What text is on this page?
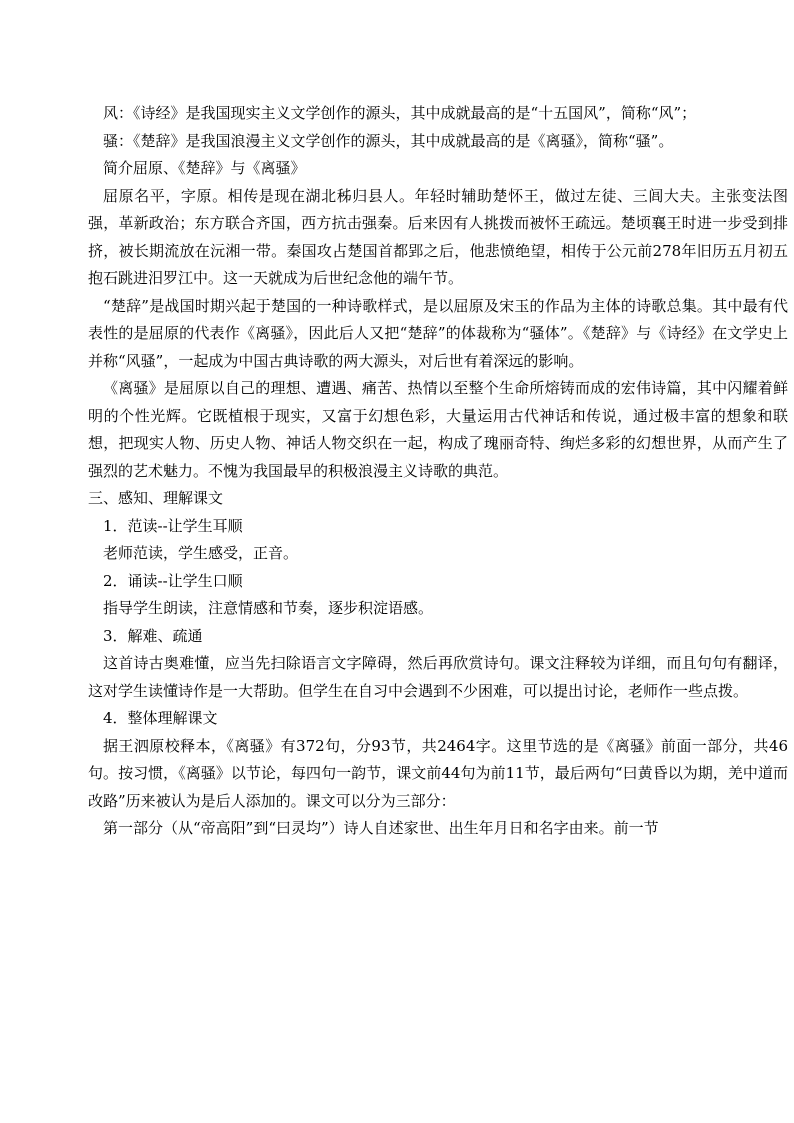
风：《诗经》是我国现实主义文学创作的源头，其中成就最高的是“十五国风”，简称“风”；

骚：《楚辞》是我国浪漫主义文学创作的源头，其中成就最高的是《离骚》，简称“骚”。

简介屈原、《楚辞》与《离骚》

屈原名平，字原。相传是现在湖北秭归县人。年轻时辅助楚怀王，做过左徒、三闾大夫。主张变法图强，革新政治；东方联合齐国，西方抗击强秦。后来因有人挑拨而被怀王疏远。楚顷襄王时进一步受到排挤，被长期流放在沅湘一带。秦国攻占楚国首都郢之后，他悲愤绝望，相传于公元前278年旧历五月初五抱石跳进汨罗江中。这一天就成为后世纪念他的端午节。

“楚辞”是战国时期兴起于楚国的一种诗歌样式，是以屈原及宋玉的作品为主体的诗歌总集。其中最有代表性的是屈原的代表作《离骚》，因此后人又把“楚辞”的体裁称为“骚体”。《楚辞》与《诗经》在文学史上并称“风骚”，一起成为中国古典诗歌的两大源头，对后世有着深远的影响。

《离骚》是屈原以自己的理想、遭遇、痛苦、热情以至整个生命所熔铸而成的宏伟诗篇，其中闪耀着鲜明的个性光辉。它既植根于现实，又富于幻想色彩，大量运用古代神话和传说，通过极丰富的想象和联想，把现实人物、历史人物、神话人物交织在一起，构成了瑰丽奇特、绚烂多彩的幻想世界，从而产生了强烈的艺术魅力。不愧为我国最早的积极浪漫主义诗歌的典范。

三、感知、理解课文

1．范读--让学生耳顺

老师范读，学生感受，正音。

2．诵读--让学生口顺

指导学生朗读，注意情感和节奏，逐步积淀语感。

3．解难、疏通

这首诗古奥难懂，应当先扫除语言文字障碍，然后再欣赏诗句。课文注释较为详细，而且句句有翻译，这对学生读懂诗作是一大帮助。但学生在自习中会遇到不少困难，可以提出讨论，老师作一些点拨。

4．整体理解课文

据王泗原校释本，《离骚》有372句，分93节，共2464字。这里节选的是《离骚》前面一部分，共46句。按习惯，《离骚》以节论，每四句一韵节，课文前44句为前11节，最后两句“曰黄昏以为期，羌中道而改路”历来被认为是后人添加的。课文可以分为三部分：

第一部分（从“帝高阳”到“曰灵均”）诗人自述家世、出生年月日和名字由来。前一节
